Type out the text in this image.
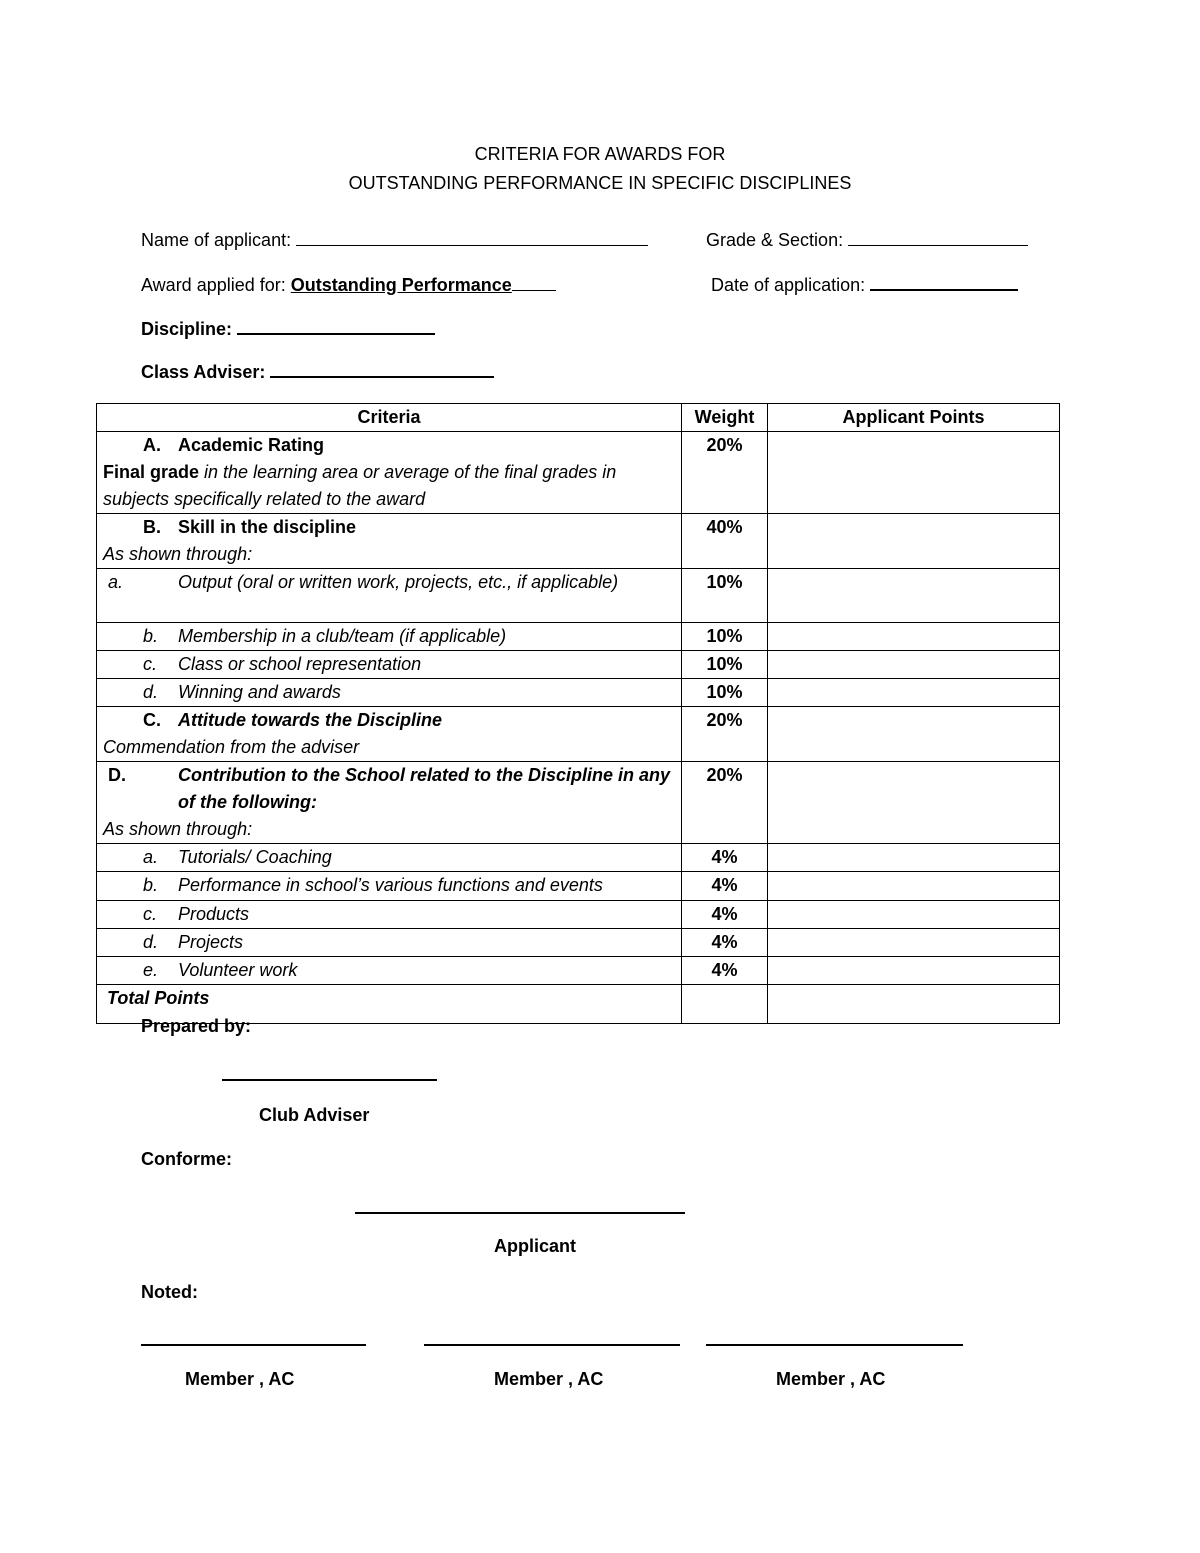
CRITERIA FOR AWARDS FOR
OUTSTANDING PERFORMANCE IN SPECIFIC DISCIPLINES
Name of applicant:	Grade & Section:
Award applied for: Outstanding Performance	Date of application:
Discipline:
Class Adviser:
Criteria	Weight	Applicant Points

A. Academic Rating
Final grade in the learning area or average of the final grades in subjects specifically related to the award	20%	

B. Skill in the discipline
As shown through:	40%	

a. Output (oral or written work, projects, etc., if applicable)	10%	
b. Membership in a club/team (if applicable)	10%	
c. Class or school representation	10%	
d. Winning and awards	10%	

C. Attitude towards the Discipline
Commendation from the adviser	20%	

D. Contribution to the School related to the Discipline in any of the following:
As shown through:	20%	
a. Tutorials/ Coaching	4%	
b. Performance in school’s various functions and events	4%	
c. Products	4%	
d. Projects	4%	
e. Volunteer work	4%	
Total Points		
Prepared by:
Club Adviser
Conforme:
Applicant
Noted:
Member , AC	Member , AC	Member , AC
